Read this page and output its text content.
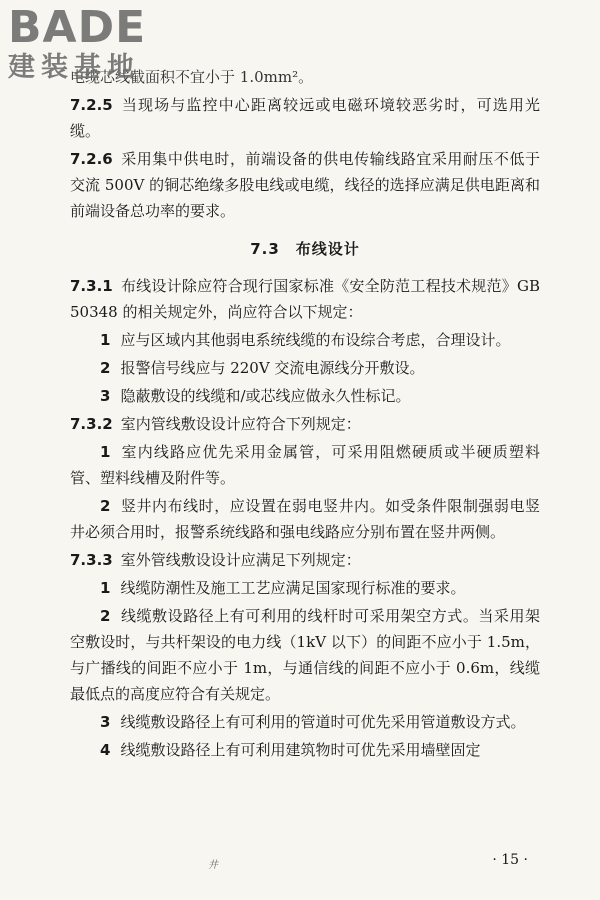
BADE
建装基地

电缆芯线截面积不宜小于 1.0mm²。

7.2.5 当现场与监控中心距离较远或电磁环境较恶劣时，可选用光缆。

7.2.6 采用集中供电时，前端设备的供电传输线路宜采用耐压不低于交流 500V 的铜芯绝缘多股电线或电缆，线径的选择应满足供电距离和前端设备总功率的要求。

7.3　布线设计

7.3.1 布线设计除应符合现行国家标准《安全防范工程技术规范》GB 50348 的相关规定外，尚应符合以下规定：

1 应与区域内其他弱电系统线缆的布设综合考虑，合理设计。

2 报警信号线应与 220V 交流电源线分开敷设。

3 隐蔽敷设的线缆和/或芯线应做永久性标记。

7.3.2 室内管线敷设设计应符合下列规定：

1 室内线路应优先采用金属管，可采用阻燃硬质或半硬质塑料管、塑料线槽及附件等。

2 竖井内布线时，应设置在弱电竖井内。如受条件限制强弱电竖井必须合用时，报警系统线路和强电线路应分别布置在竖井两侧。

7.3.3 室外管线敷设设计应满足下列规定：

1 线缆防潮性及施工工艺应满足国家现行标准的要求。

2 线缆敷设路径上有可利用的线杆时可采用架空方式。当采用架空敷设时，与共杆架设的电力线（1kV 以下）的间距不应小于 1.5m，与广播线的间距不应小于 1m，与通信线的间距不应小于 0.6m，线缆最低点的高度应符合有关规定。

3 线缆敷设路径上有可利用的管道时可优先采用管道敷设方式。

4 线缆敷设路径上有可利用建筑物时可优先采用墙壁固定

井	· 15 ·
